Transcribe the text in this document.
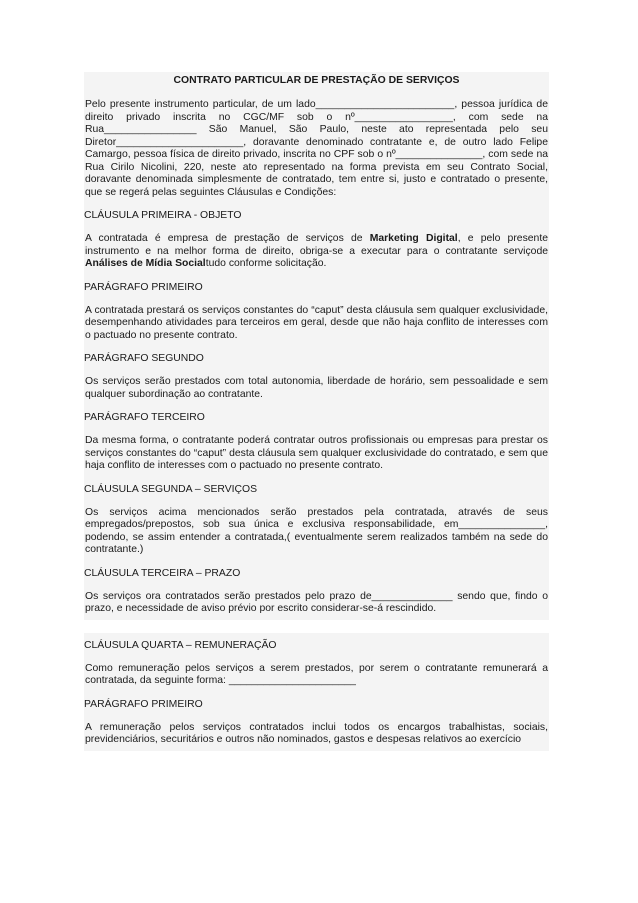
CONTRATO PARTICULAR DE PRESTAÇÃO DE SERVIÇOS
Pelo presente instrumento particular, de um lado________________________, pessoa jurídica de direito privado inscrita no CGC/MF sob o nº_________________, com sede na Rua________________ São Manuel, São Paulo, neste ato representada pelo seu Diretor______________________, doravante denominado contratante e, de outro lado Felipe Camargo, pessoa física de direito privado, inscrita no CPF sob o nº_______________, com sede na Rua Cirilo Nicolini, 220, neste ato representado na forma prevista em seu Contrato Social, doravante denominada simplesmente de contratado, tem entre si, justo e contratado o presente, que se regerá pelas seguintes Cláusulas e Condições:
CLÁUSULA PRIMEIRA - OBJETO
A contratada é empresa de prestação de serviços de Marketing Digital, e pelo presente instrumento e na melhor forma de direito, obriga-se a executar para o contratante serviçode Análises de Mídia Socialtudo conforme solicitação.
PARÁGRAFO PRIMEIRO
A contratada prestará os serviços constantes do “caput” desta cláusula sem qualquer exclusividade, desempenhando atividades para terceiros em geral, desde que não haja conflito de interesses com o pactuado no presente contrato.
PARÁGRAFO SEGUNDO
Os serviços serão prestados com total autonomia, liberdade de horário, sem pessoalidade e sem qualquer subordinação ao contratante.
PARÁGRAFO TERCEIRO
Da mesma forma, o contratante poderá contratar outros profissionais ou empresas para prestar os serviços constantes do “caput” desta cláusula sem qualquer exclusividade do contratado, e sem que haja conflito de interesses com o pactuado no presente contrato.
CLÁUSULA SEGUNDA – SERVIÇOS
Os serviços acima mencionados serão prestados pela contratada, através de seus empregados/prepostos, sob sua única e exclusiva responsabilidade, em_______________, podendo, se assim entender a contratada,( eventualmente serem realizados também na sede do contratante.)
CLÁUSULA TERCEIRA – PRAZO
Os serviços ora contratados serão prestados pelo prazo de______________ sendo que, findo o prazo, e necessidade de aviso prévio por escrito considerar-se-á rescindido.
CLÁUSULA QUARTA – REMUNERAÇÃO
Como remuneração pelos serviços a serem prestados, por serem o contratante remunerará a contratada, da seguinte forma: ______________________
PARÁGRAFO PRIMEIRO
A remuneração pelos serviços contratados inclui todos os encargos trabalhistas, sociais, previdenciários, securitários e outros não nominados, gastos e despesas relativos ao exercício
